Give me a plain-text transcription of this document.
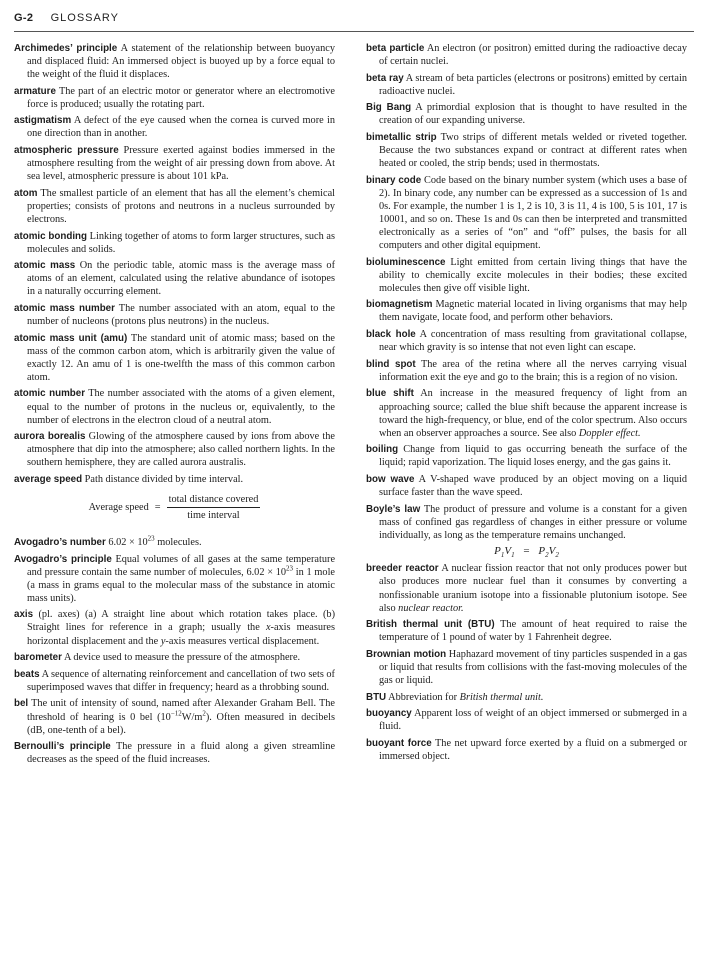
G-2 GLOSSARY

Archimedes’ principle A statement of the relationship between buoyancy and displaced fluid: An immersed object is buoyed up by a force equal to the weight of the fluid it displaces.

armature The part of an electric motor or generator where an electromotive force is produced; usually the rotating part.

astigmatism A defect of the eye caused when the cornea is curved more in one direction than in another.

atmospheric pressure Pressure exerted against bodies immersed in the atmosphere resulting from the weight of air pressing down from above. At sea level, atmospheric pressure is about 101 kPa.

atom The smallest particle of an element that has all the element’s chemical properties; consists of protons and neutrons in a nucleus surrounded by electrons.

atomic bonding Linking together of atoms to form larger structures, such as molecules and solids.

atomic mass On the periodic table, atomic mass is the average mass of atoms of an element, calculated using the relative abundance of isotopes in a naturally occurring element.

atomic mass number The number associated with an atom, equal to the number of nucleons (protons plus neutrons) in the nucleus.

atomic mass unit (amu) The standard unit of atomic mass; based on the mass of the common carbon atom, which is arbitrarily given the value of exactly 12. An amu of 1 is one-twelfth the mass of this common carbon atom.

atomic number The number associated with the atoms of a given element, equal to the number of protons in the nucleus or, equivalently, to the number of electrons in the electron cloud of a neutral atom.

aurora borealis Glowing of the atmosphere caused by ions from above the atmosphere that dip into the atmosphere; also called northern lights. In the southern hemisphere, they are called aurora australis.

average speed Path distance divided by time interval.

Average speed = $\frac{\text{total distance covered}}{\text{time interval}}$

Avogadro’s number $6.02 \times 10^{23}$ molecules.

Avogadro’s principle Equal volumes of all gases at the same temperature and pressure contain the same number of molecules, $6.02 \times 10^{23}$ in 1 mole (a mass in grams equal to the molecular mass of the substance in atomic mass units).

axis (pl. axes) (a) A straight line about which rotation takes place. (b) Straight lines for reference in a graph; usually the x-axis measures horizontal displacement and the y-axis measures vertical displacement.

barometer A device used to measure the pressure of the atmosphere.

beats A sequence of alternating reinforcement and cancellation of two sets of superimposed waves that differ in frequency; heard as a throbbing sound.

bel The unit of intensity of sound, named after Alexander Graham Bell. The threshold of hearing is 0 bel $(10^{-12}W/m^2)$. Often measured in decibels (dB, one-tenth of a bel).

Bernoulli’s principle The pressure in a fluid along a given streamline decreases as the speed of the fluid increases.

beta particle An electron (or positron) emitted during the radioactive decay of certain nuclei.

beta ray A stream of beta particles (electrons or positrons) emitted by certain radioactive nuclei.

Big Bang A primordial explosion that is thought to have resulted in the creation of our expanding universe.

bimetallic strip Two strips of different metals welded or riveted together. Because the two substances expand or contract at different rates when heated or cooled, the strip bends; used in thermostats.

binary code Code based on the binary number system (which uses a base of 2). In binary code, any number can be expressed as a succession of 1s and 0s. For example, the number 1 is 1, 2 is 10, 3 is 11, 4 is 100, 5 is 101, 17 is 10001, and so on. These 1s and 0s can then be interpreted and transmitted electronically as a series of “on” and “off” pulses, the basis for all computers and other digital equipment.

bioluminescence Light emitted from certain living things that have the ability to chemically excite molecules in their bodies; these excited molecules then give off visible light.

biomagnetism Magnetic material located in living organisms that may help them navigate, locate food, and perform other behaviors.

black hole A concentration of mass resulting from gravitational collapse, near which gravity is so intense that not even light can escape.

blind spot The area of the retina where all the nerves carrying visual information exit the eye and go to the brain; this is a region of no vision.

blue shift An increase in the measured frequency of light from an approaching source; called the blue shift because the apparent increase is toward the high-frequency, or blue, end of the color spectrum. Also occurs when an observer approaches a source. See also Doppler effect.

boiling Change from liquid to gas occurring beneath the surface of the liquid; rapid vaporization. The liquid loses energy, and the gas gains it.

bow wave A V-shaped wave produced by an object moving on a liquid surface faster than the wave speed.

Boyle’s law The product of pressure and volume is a constant for a given mass of confined gas regardless of changes in either pressure or volume individually, as long as the temperature remains unchanged.

$P_1V_1 = P_2V_2$

breeder reactor A nuclear fission reactor that not only produces power but also produces more nuclear fuel than it consumes by converting a nonfissionable uranium isotope into a fissionable plutonium isotope. See also nuclear reactor.

British thermal unit (BTU) The amount of heat required to raise the temperature of 1 pound of water by 1 Fahrenheit degree.

Brownian motion Haphazard movement of tiny particles suspended in a gas or liquid that results from collisions with the fast-moving molecules of the gas or liquid.

BTU Abbreviation for British thermal unit.

buoyancy Apparent loss of weight of an object immersed or submerged in a fluid.

buoyant force The net upward force exerted by a fluid on a submerged or immersed object.
